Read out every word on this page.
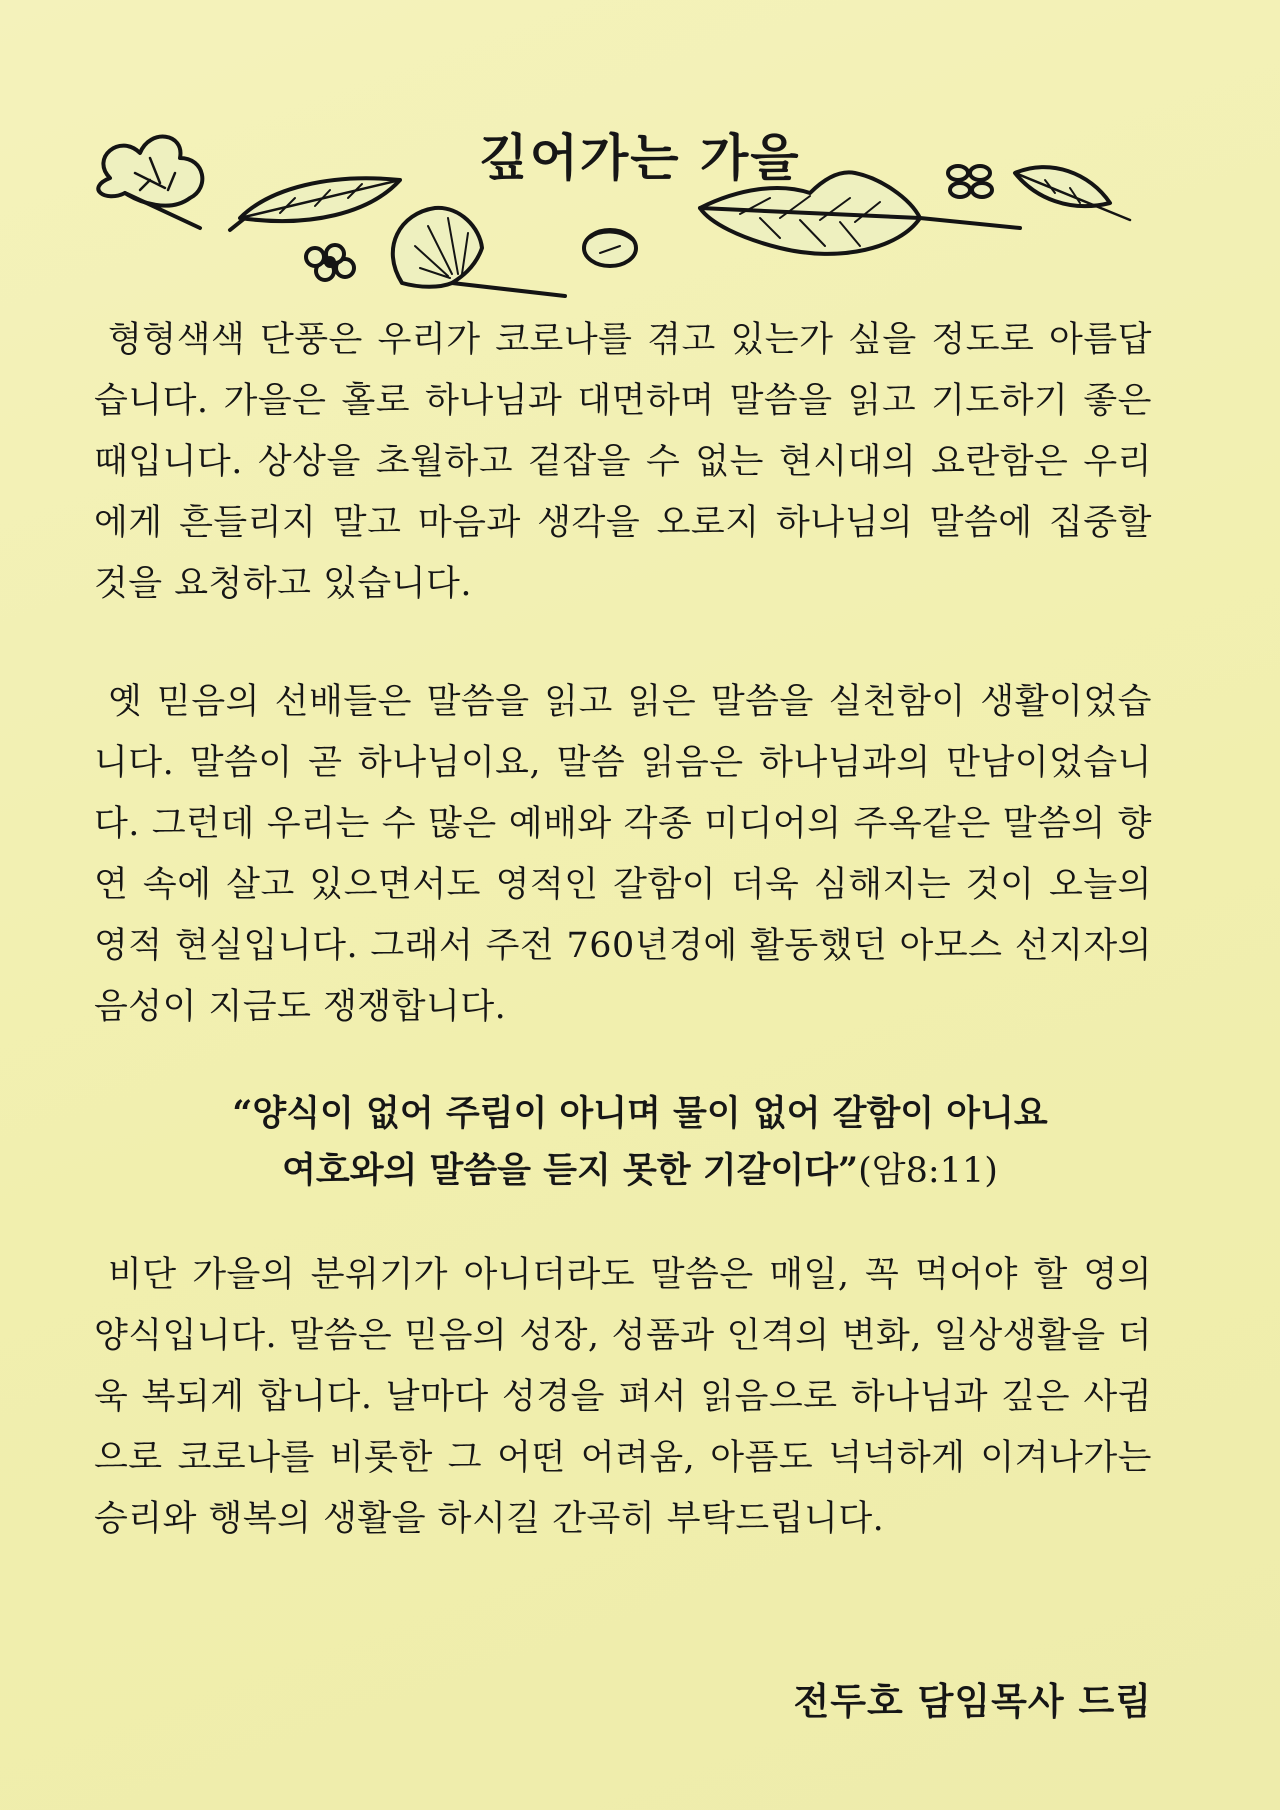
깊어가는 가을

형형색색 단풍은 우리가 코로나를 겪고 있는가 싶을 정도로 아름답습니다. 가을은 홀로 하나님과 대면하며 말씀을 읽고 기도하기 좋은 때입니다. 상상을 초월하고 겉잡을 수 없는 현시대의 요란함은 우리에게 흔들리지 말고 마음과 생각을 오로지 하나님의 말씀에 집중할 것을 요청하고 있습니다.

옛 믿음의 선배들은 말씀을 읽고 읽은 말씀을 실천함이 생활이었습니다. 말씀이 곧 하나님이요, 말씀 읽음은 하나님과의 만남이었습니다. 그런데 우리는 수 많은 예배와 각종 미디어의 주옥같은 말씀의 향연 속에 살고 있으면서도 영적인 갈함이 더욱 심해지는 것이 오늘의 영적 현실입니다. 그래서 주전 760년경에 활동했던 아모스 선지자의 음성이 지금도 쟁쟁합니다.

“양식이 없어 주림이 아니며 물이 없어 갈함이 아니요
여호와의 말씀을 듣지 못한 기갈이다”(암8:11)

비단 가을의 분위기가 아니더라도 말씀은 매일, 꼭 먹어야 할 영의 양식입니다. 말씀은 믿음의 성장, 성품과 인격의 변화, 일상생활을 더욱 복되게 합니다. 날마다 성경을 펴서 읽음으로 하나님과 깊은 사귐으로 코로나를 비롯한 그 어떤 어려움, 아픔도 넉넉하게 이겨나가는 승리와 행복의 생활을 하시길 간곡히 부탁드립니다.

전두호 담임목사 드림
